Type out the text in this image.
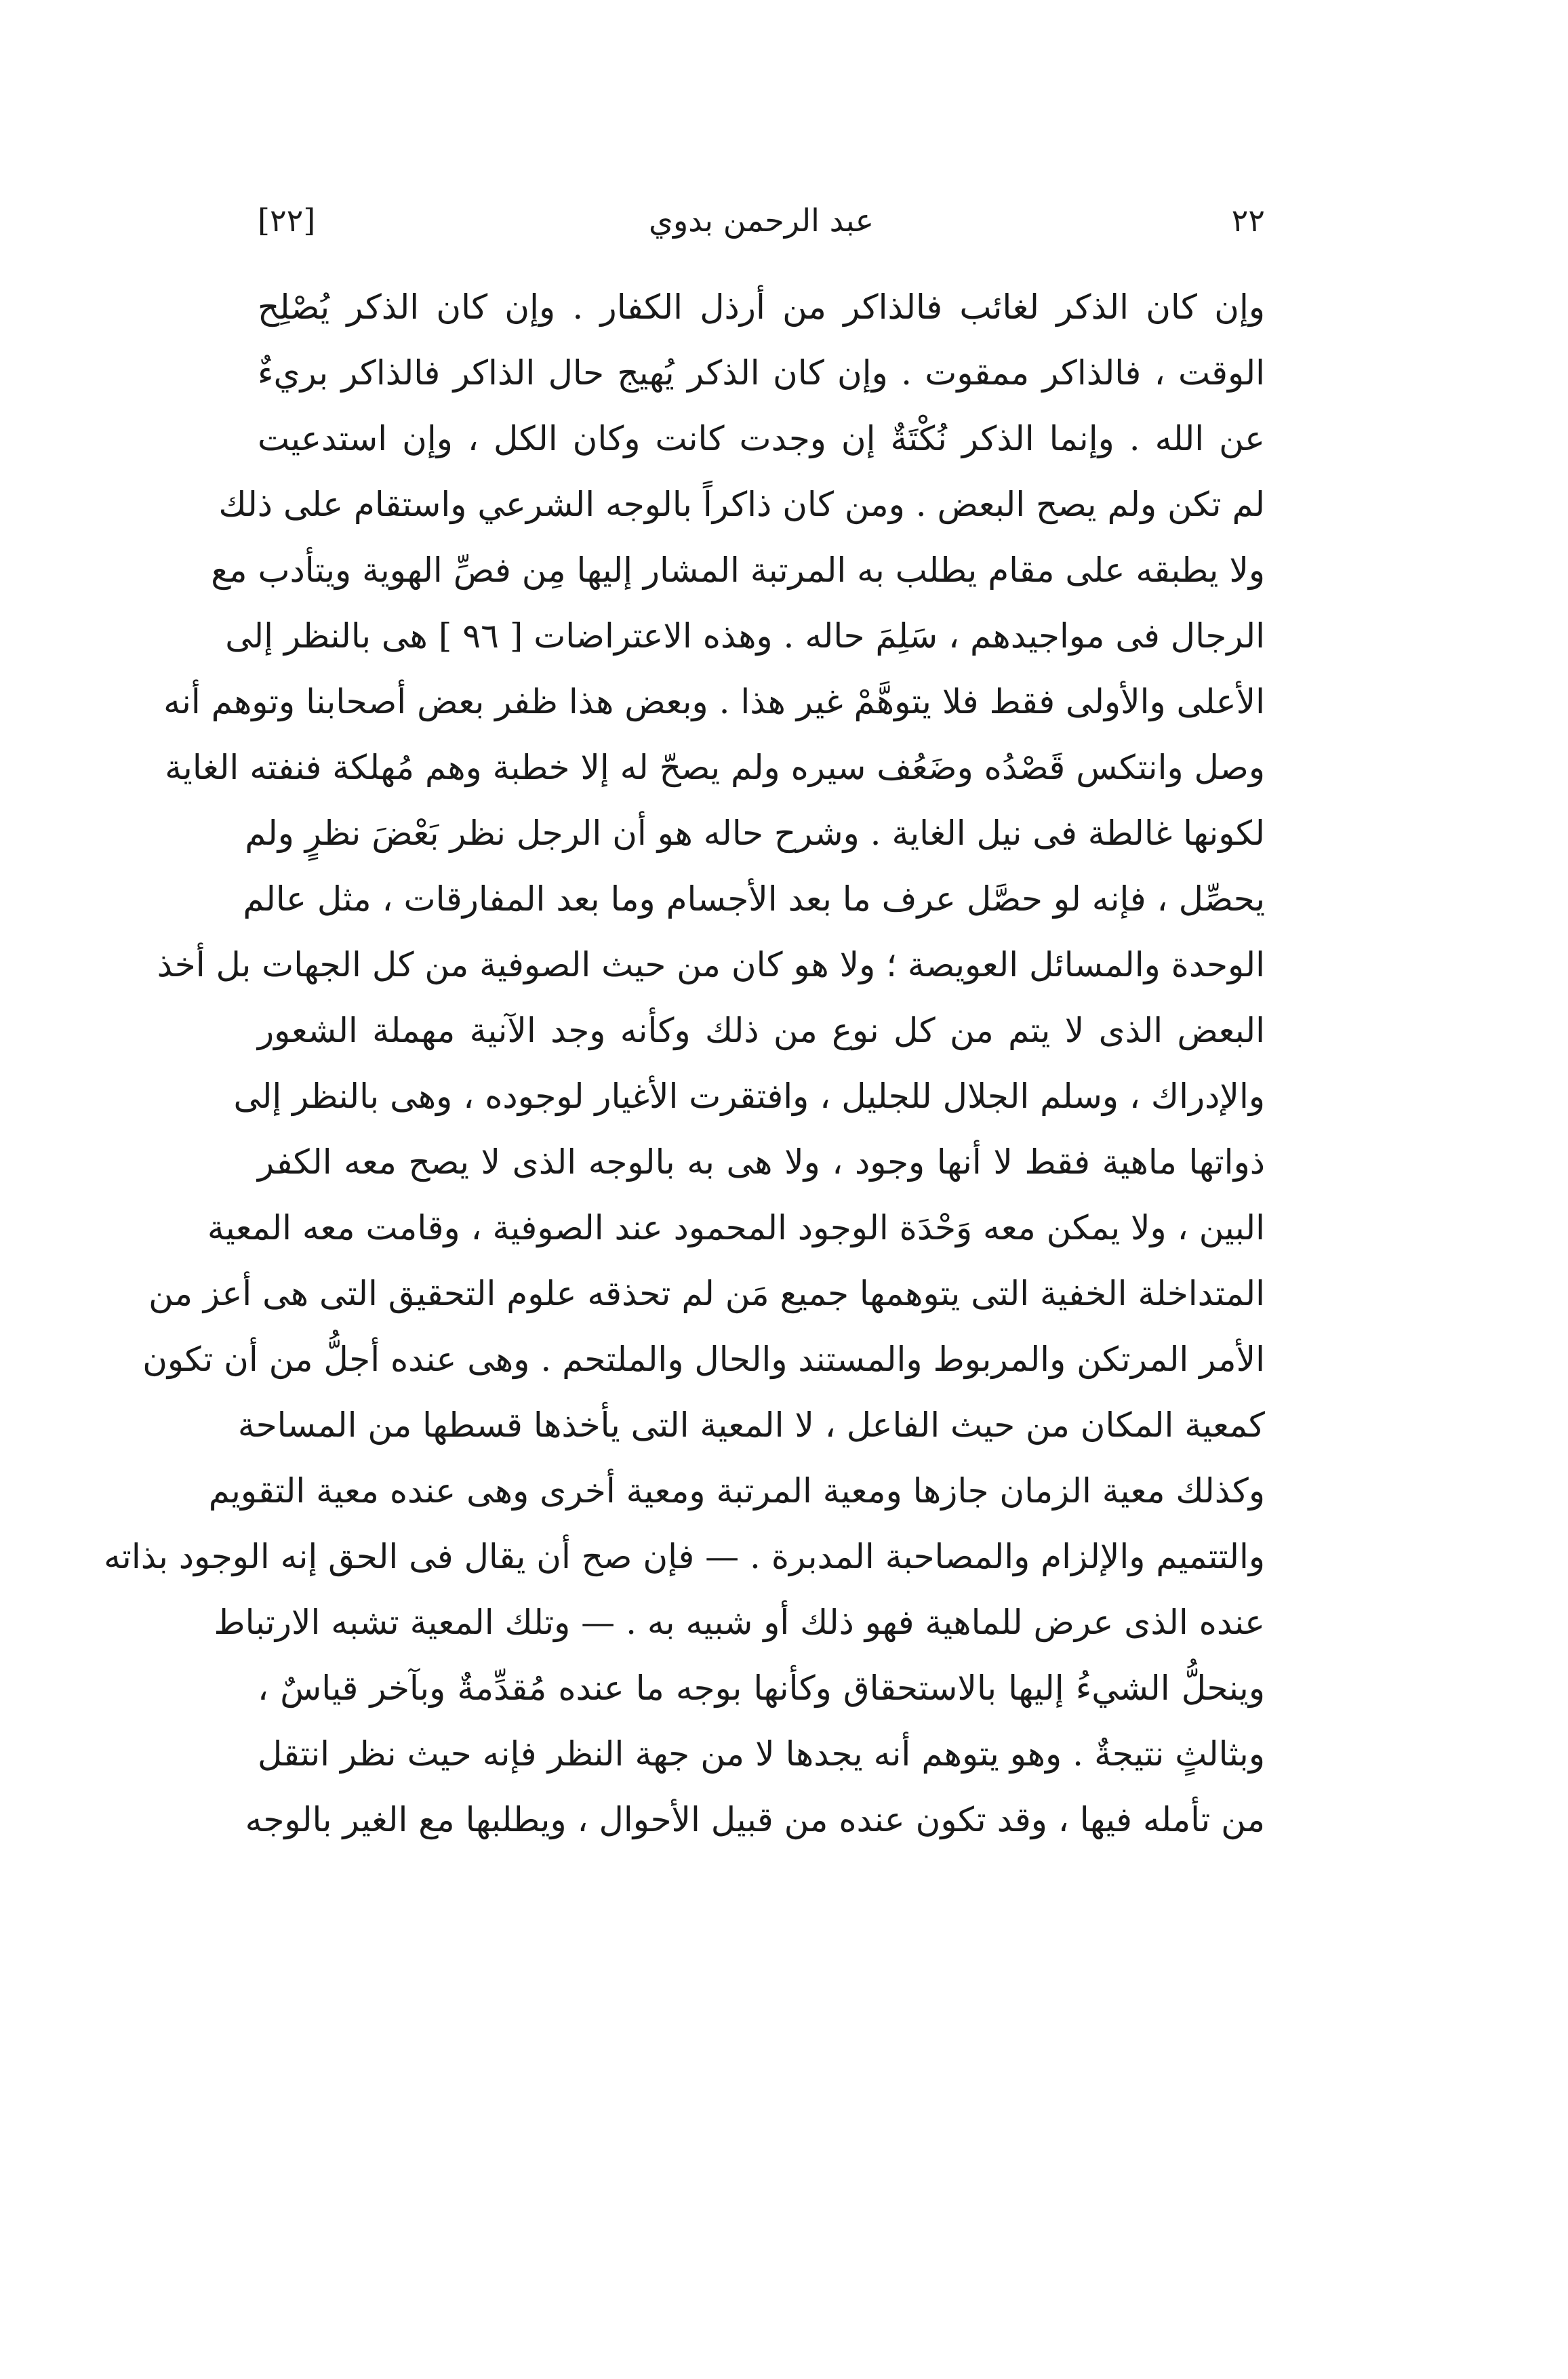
[٢٢]	عبد الرحمن بدوي	٢٢
وإن كان الذكر لغائب فالذاكر من أرذل الكفار . وإن كان الذكر يُصْلِح
الوقت ، فالذاكر ممقوت . وإن كان الذكر يُهيج حال الذاكر فالذاكر بريءٌ
عن الله . وإنما الذكر نُكْتَةٌ إن وجدت كانت وكان الكل ، وإن استدعيت
لم تكن ولم يصح البعض . ومن كان ذاكراً بالوجه الشرعي واستقام على ذلك
ولا يطبقه على مقام يطلب به المرتبة المشار إليها مِن فصِّ الهوية ويتأدب مع
الرجال فى مواجيدهم ، سَلِمَ حاله . وهذه الاعتراضات [ ٩٦ ] هى بالنظر إلى
الأعلى والأولى فقط فلا يتوهَّمْ غير هذا . وبعض هذا ظفر بعض أصحابنا وتوهم أنه
وصل وانتكس قَصْدُه وضَعُف سيره ولم يصحّ له إلا خطبة وهم مُهلكة فنفته الغاية
لكونها غالطة فى نيل الغاية . وشرح حاله هو أن الرجل نظر بَعْضَ نظرٍ ولم
يحصِّل ، فإنه لو حصَّل عرف ما بعد الأجسام وما بعد المفارقات ، مثل عالم
الوحدة والمسائل العويصة ؛ ولا هو كان من حيث الصوفية من كل الجهات بل أخذ
البعض الذى لا يتم من كل نوع من ذلك وكأنه وجد الآنية مهملة الشعور
والإدراك ، وسلم الجلال للجليل ، وافتقرت الأغيار لوجوده ، وهى بالنظر إلى
ذواتها ماهية فقط لا أنها وجود ، ولا هى به بالوجه الذى لا يصح معه الكفر
البين ، ولا يمكن معه وَحْدَة الوجود المحمود عند الصوفية ، وقامت معه المعية
المتداخلة الخفية التى يتوهمها جميع مَن لم تحذقه علوم التحقيق التى هى أعز من
الأمر المرتكن والمربوط والمستند والحال والملتحم . وهى عنده أجلُّ من أن تكون
كمعية المكان من حيث الفاعل ، لا المعية التى يأخذها قسطها من المساحة
وكذلك معية الزمان جازها ومعية المرتبة ومعية أخرى وهى عنده معية التقويم
والتتميم والإلزام والمصاحبة المدبرة . — فإن صح أن يقال فى الحق إنه الوجود بذاته
عنده الذى عرض للماهية فهو ذلك أو شبيه به . — وتلك المعية تشبه الارتباط
وينحلُّ الشيءُ إليها بالاستحقاق وكأنها بوجه ما عنده مُقدِّمةٌ وبآخر قياسٌ ،
وبثالثٍ نتيجةٌ . وهو يتوهم أنه يجدها لا من جهة النظر فإنه حيث نظر انتقل
من تأمله فيها ، وقد تكون عنده من قبيل الأحوال ، ويطلبها مع الغير بالوجه
